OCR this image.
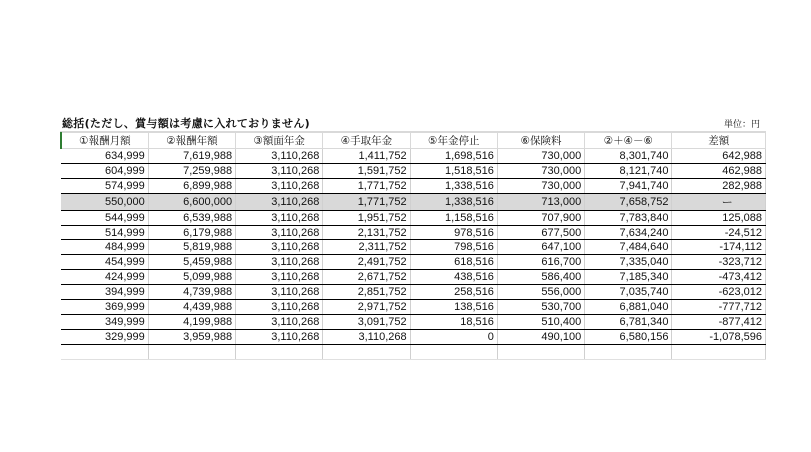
総括(ただし、賞与額は考慮に入れておりません)	単位：円
①報酬月額	②報酬年額	③額面年金	④手取年金	⑤年金停止	⑥保険料	②＋④－⑥	差額
634,999	7,619,988	3,110,268	1,411,752	1,698,516	730,000	8,301,740	642,988
604,999	7,259,988	3,110,268	1,591,752	1,518,516	730,000	8,121,740	462,988
574,999	6,899,988	3,110,268	1,771,752	1,338,516	730,000	7,941,740	282,988
550,000	6,600,000	3,110,268	1,771,752	1,338,516	713,000	7,658,752	ー
544,999	6,539,988	3,110,268	1,951,752	1,158,516	707,900	7,783,840	125,088
514,999	6,179,988	3,110,268	2,131,752	978,516	677,500	7,634,240	-24,512
484,999	5,819,988	3,110,268	2,311,752	798,516	647,100	7,484,640	-174,112
454,999	5,459,988	3,110,268	2,491,752	618,516	616,700	7,335,040	-323,712
424,999	5,099,988	3,110,268	2,671,752	438,516	586,400	7,185,340	-473,412
394,999	4,739,988	3,110,268	2,851,752	258,516	556,000	7,035,740	-623,012
369,999	4,439,988	3,110,268	2,971,752	138,516	530,700	6,881,040	-777,712
349,999	4,199,988	3,110,268	3,091,752	18,516	510,400	6,781,340	-877,412
329,999	3,959,988	3,110,268	3,110,268	0	490,100	6,580,156	-1,078,596
